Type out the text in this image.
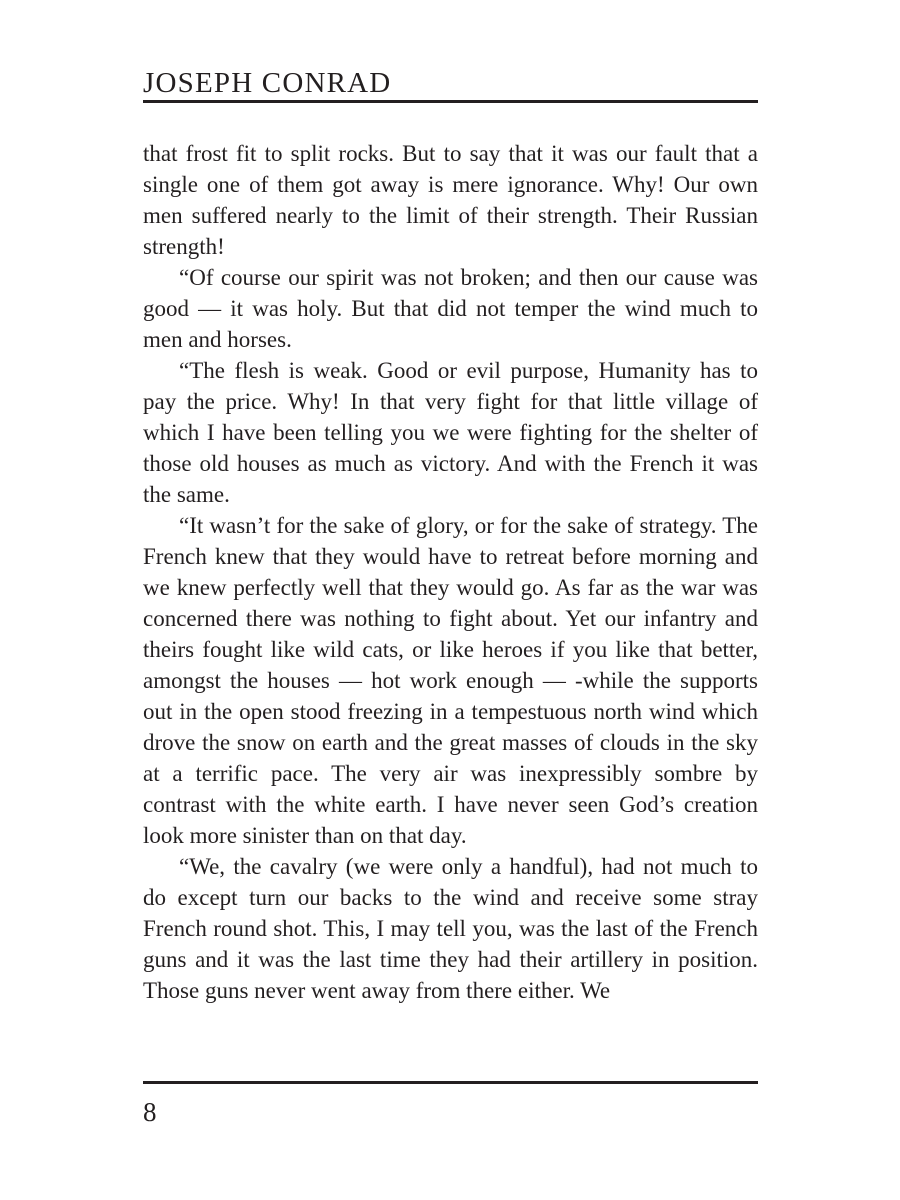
JOSEPH CONRAD

that frost fit to split rocks. But to say that it was our fault that a single one of them got away is mere ignorance. Why! Our own men suffered nearly to the limit of their strength. Their Russian strength!

“Of course our spirit was not broken; and then our cause was good — it was holy. But that did not temper the wind much to men and horses.

“The flesh is weak. Good or evil purpose, Humanity has to pay the price. Why! In that very fight for that little village of which I have been telling you we were fighting for the shelter of those old houses as much as victory. And with the French it was the same.

“It wasn’t for the sake of glory, or for the sake of strategy. The French knew that they would have to retreat before morning and we knew perfectly well that they would go. As far as the war was concerned there was nothing to fight about. Yet our infantry and theirs fought like wild cats, or like heroes if you like that better, amongst the houses — hot work enough — -while the supports out in the open stood freezing in a tempestuous north wind which drove the snow on earth and the great masses of clouds in the sky at a terrific pace. The very air was inexpressibly sombre by contrast with the white earth. I have never seen God’s creation look more sinister than on that day.

“We, the cavalry (we were only a handful), had not much to do except turn our backs to the wind and receive some stray French round shot. This, I may tell you, was the last of the French guns and it was the last time they had their artillery in position. Those guns never went away from there either. We

8
